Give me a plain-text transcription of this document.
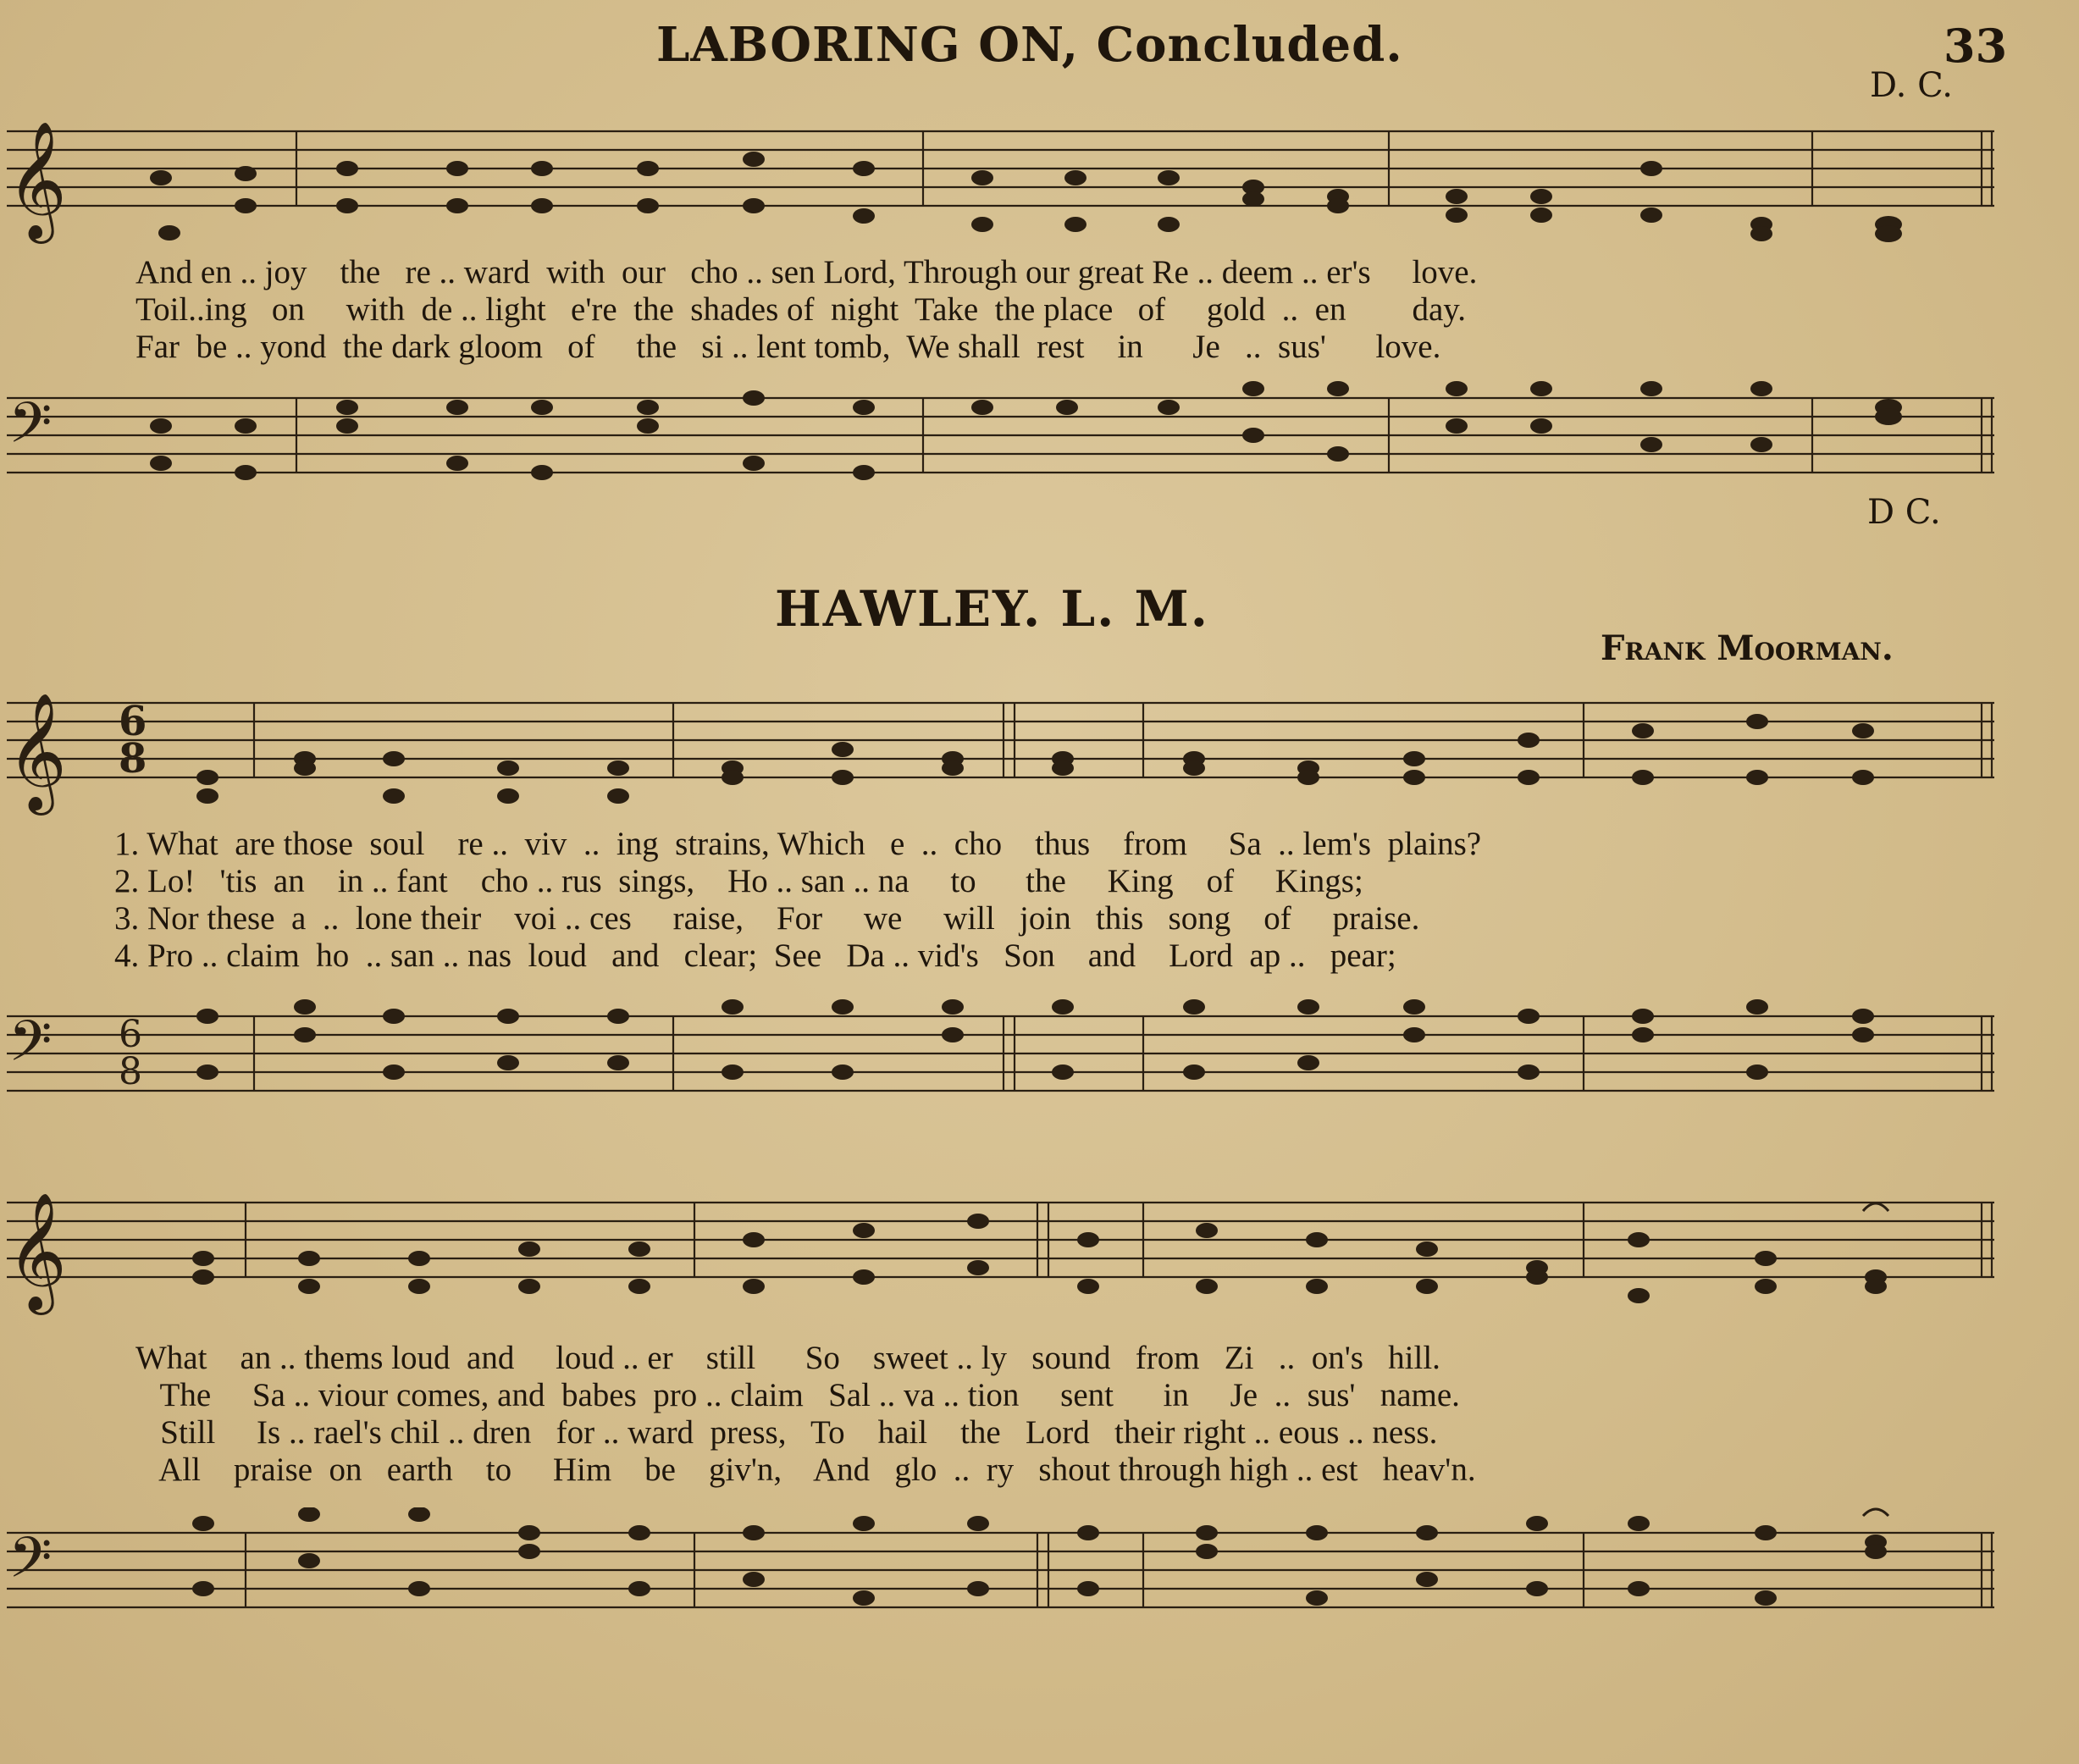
LABORING ON, Concluded.	33
D. C.
𝄞
And en .. joy    the   re .. ward  with  our   cho .. sen Lord, Through our great Re .. deem .. er's     love.
Toil..ing   on     with  de .. light   e're  the  shades of  night  Take  the place   of     gold  ..  en        day.
Far  be .. yond  the dark gloom   of     the   si .. lent tomb,  We shall  rest    in      Je   ..  sus'      love.
𝄢
D C.
HAWLEY. L. M.
Frank Moorman.
𝄞 6
8
1. What  are those  soul    re ..  viv  ..  ing  strains, Which   e  ..  cho    thus    from     Sa  .. lem's  plains?
2. Lo!   'tis  an    in .. fant    cho .. rus  sings,    Ho .. san .. na     to      the     King    of     Kings;
3. Nor these  a  ..  lone their    voi .. ces     raise,    For     we     will   join   this   song    of     praise.
4. Pro .. claim  ho  .. san .. nas  loud   and   clear;  See   Da .. vid's   Son    and    Lord  ap ..   pear;
𝄢 6
8
𝄞
What    an .. thems loud  and     loud .. er    still      So    sweet .. ly   sound   from   Zi   ..  on's   hill.
The     Sa .. viour comes, and  babes  pro .. claim   Sal .. va .. tion     sent      in     Je  ..  sus'   name.
Still     Is .. rael's chil .. dren   for .. ward  press,   To    hail    the   Lord   their right .. eous .. ness.
All    praise  on   earth    to     Him    be    giv'n,    And   glo  ..  ry   shout through high .. est   heav'n.
𝄢
